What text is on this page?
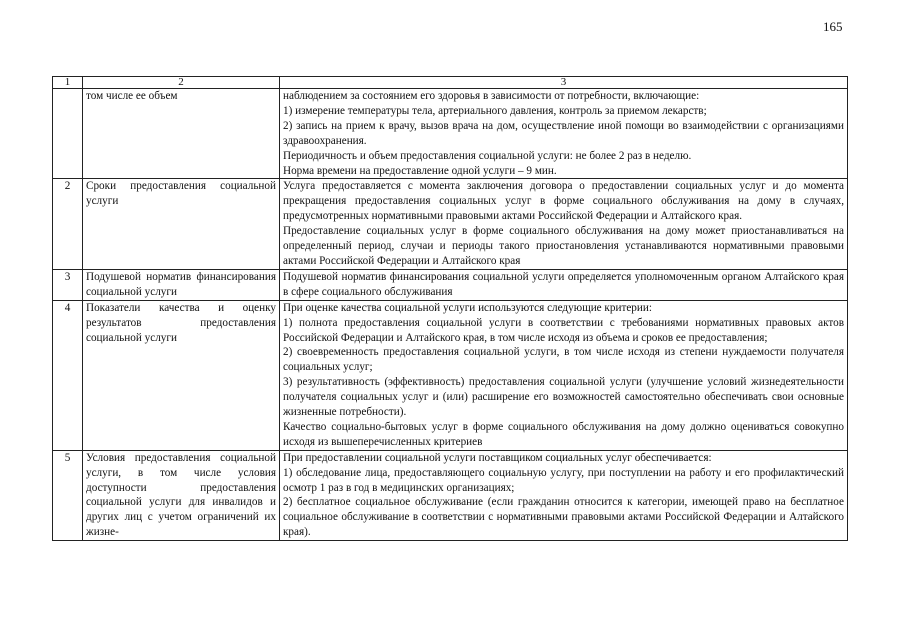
165
1	2	3
	том числе ее объем	наблюдением за состоянием его здоровья в зависимости от потребности, включающие:

1) измерение температуры тела, артериального давления, контроль за приемом лекарств;

2) запись на прием к врачу, вызов врача на дом, осуществление иной помощи во взаимодействии с организациями здравоохранения.

Периодичность и объем предоставления социальной услуги: не более 2 раз в неделю.

Норма времени на предоставление одной услуги – 9 мин.

2	Сроки предоставления социальной услуги	Услуга предоставляется с момента заключения договора о предоставлении социальных услуг и до момента прекращения предоставления социальных услуг в форме социального обслуживания на дому в случаях, предусмотренных нормативными правовыми актами Российской Федерации и Алтайского края.

Предоставление социальных услуг в форме социального обслуживания на дому может приостанавливаться на определенный период, случаи и периоды такого приостановления устанавливаются нормативными правовыми актами Российской Федерации и Алтайского края

3	Подушевой норматив финансирования социальной услуги	Подушевой норматив финансирования социальной услуги определяется уполномоченным органом Алтайского края в сфере социального обслуживания

4	Показатели качества и оценку результатов предоставления социальной услуги	При оценке качества социальной услуги используются следующие критерии:

1) полнота предоставления социальной услуги в соответствии с требованиями нормативных правовых актов Российской Федерации и Алтайского края, в том числе исходя из объема и сроков ее предоставления;

2) своевременность предоставления социальной услуги, в том числе исходя из степени нуждаемости получателя социальных услуг;

3) результативность (эффективность) предоставления социальной услуги (улучшение условий жизнедеятельности получателя социальных услуг и (или) расширение его возможностей самостоятельно обеспечивать свои основные жизненные потребности).

Качество социально-бытовых услуг в форме социального обслуживания на дому должно оцениваться совокупно исходя из вышеперечисленных критериев

5	Условия предоставления социальной услуги, в том числе условия доступности предоставления социальной услуги для инвалидов и других лиц с учетом ограничений их жизне-	При предоставлении социальной услуги поставщиком социальных услуг обеспечивается:

1) обследование лица, предоставляющего социальную услугу, при поступлении на работу и его профилактический осмотр 1 раз в год в медицинских организациях;

2) бесплатное социальное обслуживание (если гражданин относится к категории, имеющей право на бесплатное социальное обслуживание в соответствии с нормативными правовыми актами Российской Федерации и Алтайского края).
